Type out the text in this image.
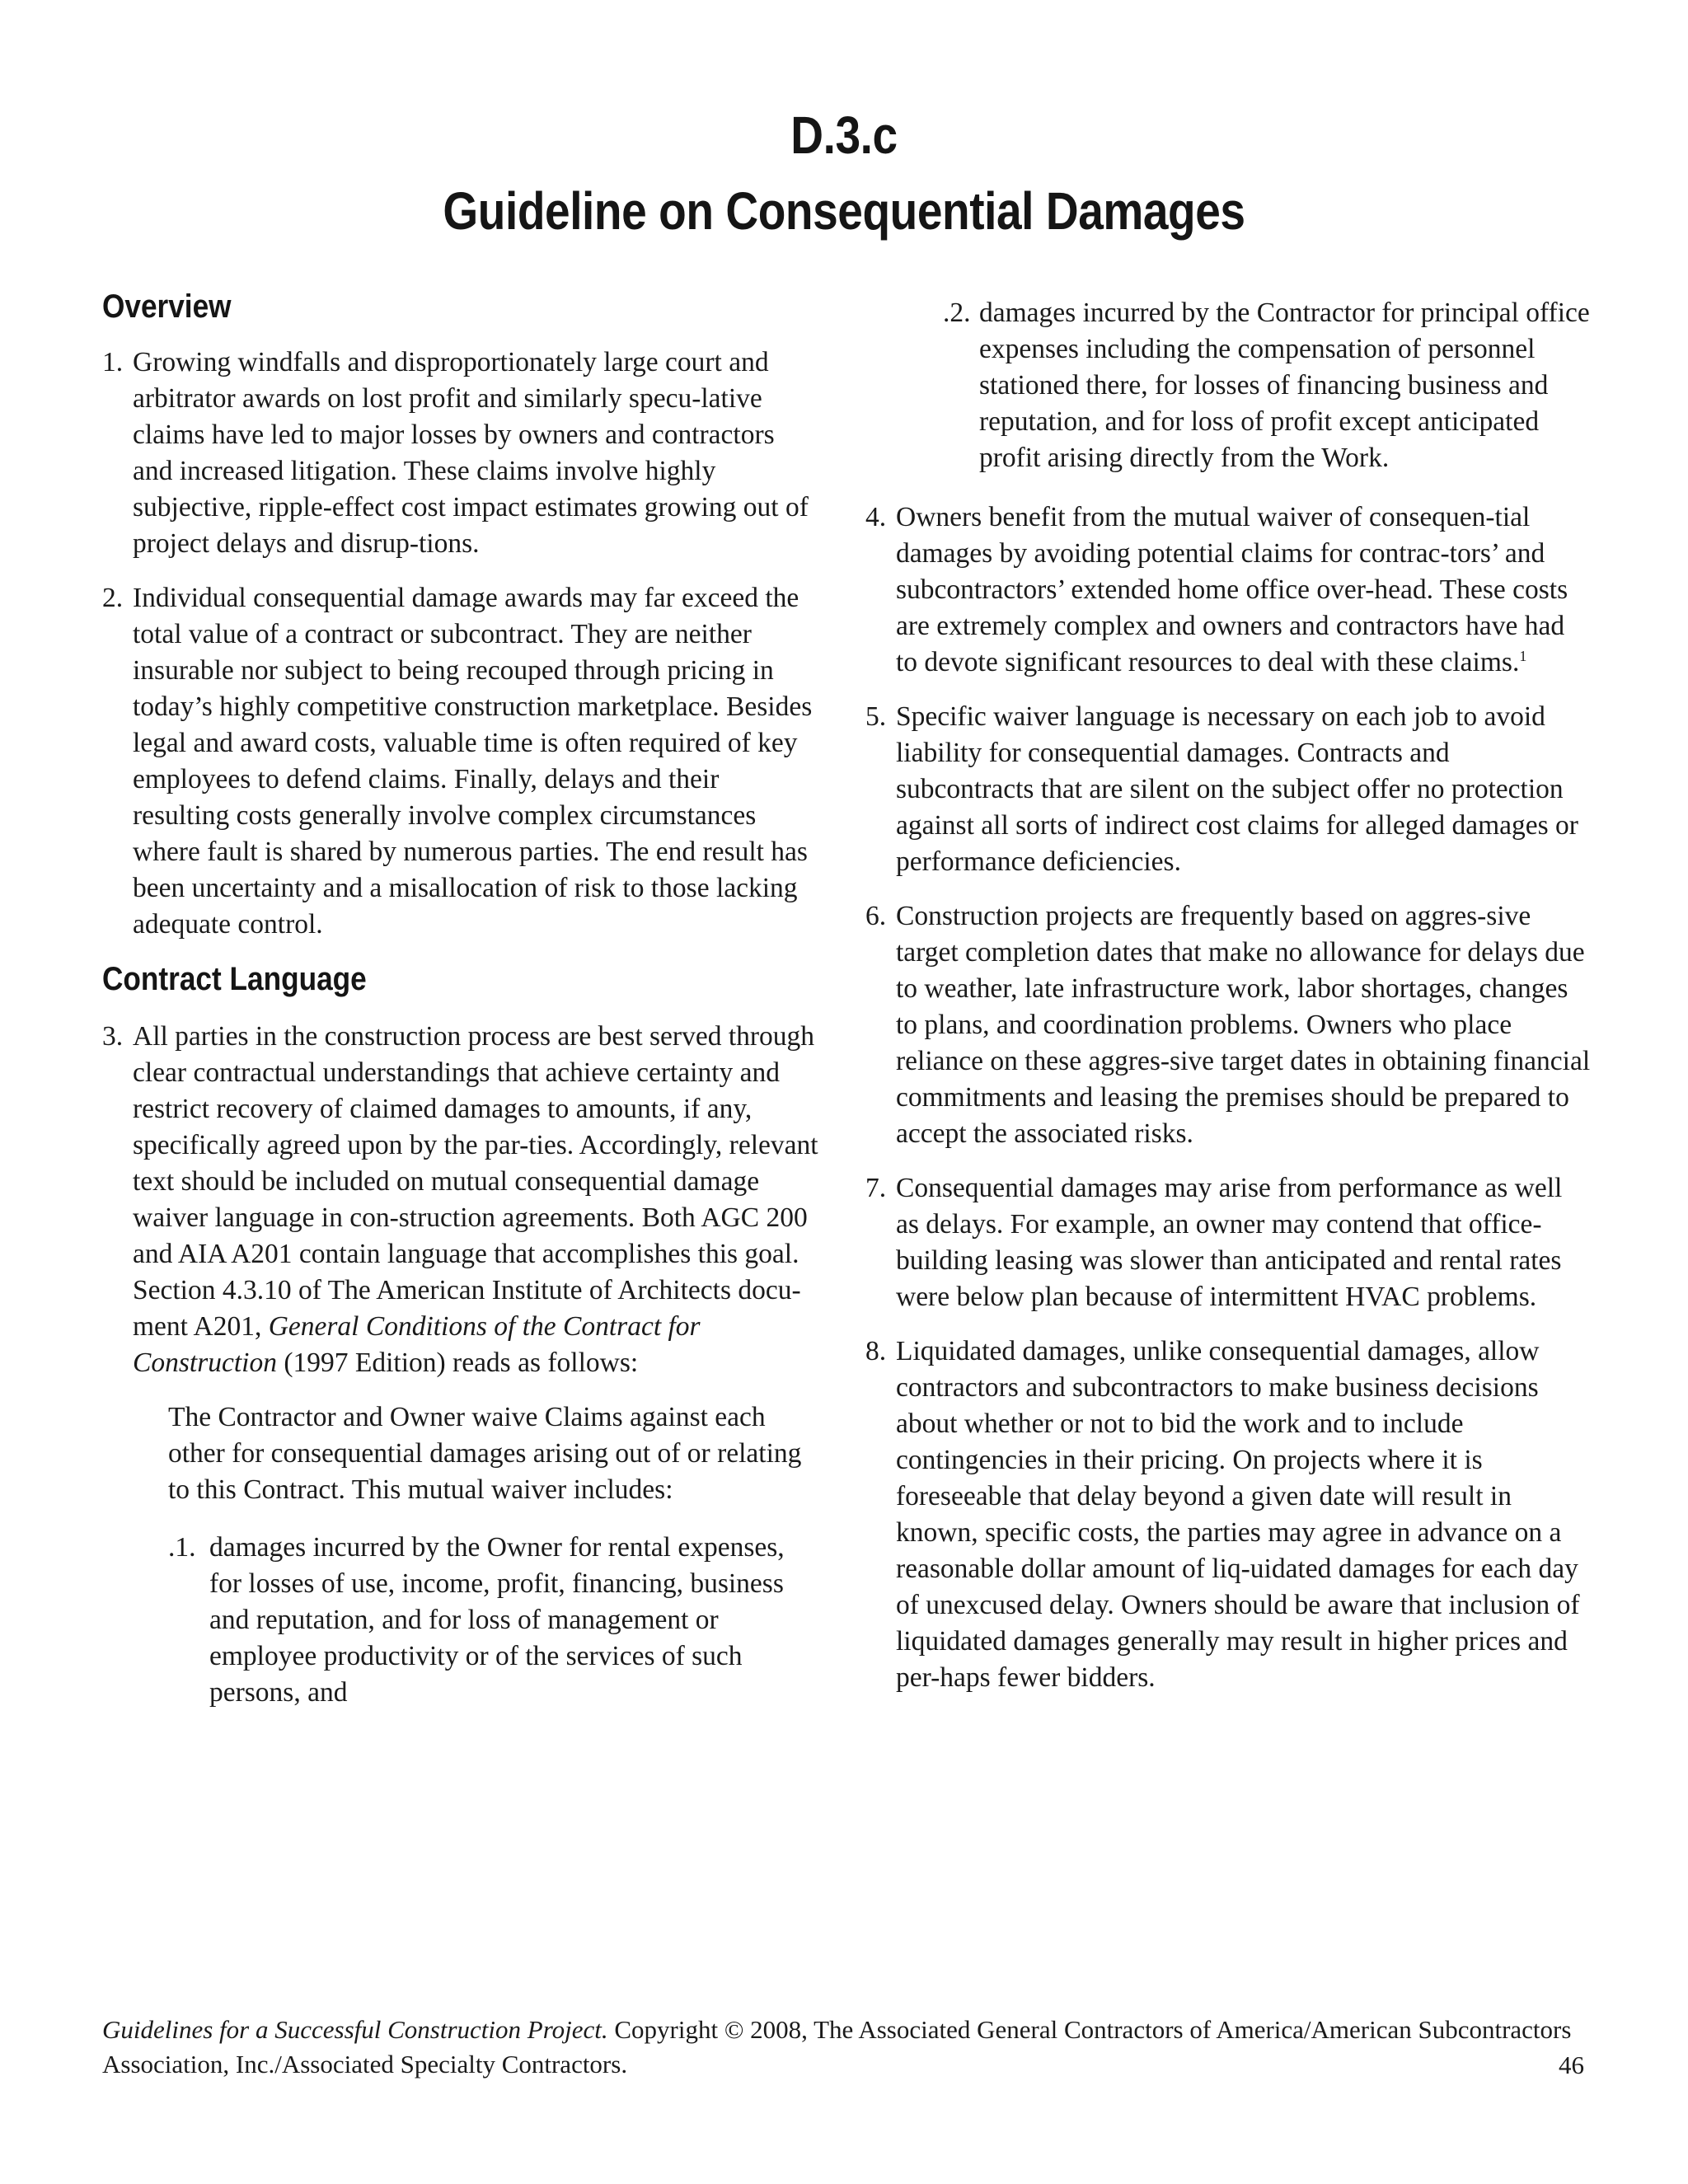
D.3.c
Guideline on Consequential Damages
Overview
1. Growing windfalls and disproportionately large court and arbitrator awards on lost profit and similarly specu-lative claims have led to major losses by owners and contractors and increased litigation. These claims involve highly subjective, ripple-effect cost impact estimates growing out of project delays and disrup-tions.
2. Individual consequential damage awards may far exceed the total value of a contract or subcontract. They are neither insurable nor subject to being recouped through pricing in today’s highly competitive construction marketplace. Besides legal and award costs, valuable time is often required of key employees to defend claims. Finally, delays and their resulting costs generally involve complex circumstances where fault is shared by numerous parties. The end result has been uncertainty and a misallocation of risk to those lacking adequate control.
Contract Language
3. All parties in the construction process are best served through clear contractual understandings that achieve certainty and restrict recovery of claimed damages to amounts, if any, specifically agreed upon by the par-ties. Accordingly, relevant text should be included on mutual consequential damage waiver language in con-struction agreements. Both AGC 200 and AIA A201 contain language that accomplishes this goal. Section 4.3.10 of The American Institute of Architects docu-ment A201, General Conditions of the Contract for Construction (1997 Edition) reads as follows:
The Contractor and Owner waive Claims against each other for consequential damages arising out of or relating to this Contract. This mutual waiver includes:
.1. damages incurred by the Owner for rental expenses, for losses of use, income, profit, financing, business and reputation, and for loss of management or employee productivity or of the services of such persons, and
.2. damages incurred by the Contractor for principal office expenses including the compensation of personnel stationed there, for losses of financing business and reputation, and for loss of profit except anticipated profit arising directly from the Work.
4. Owners benefit from the mutual waiver of consequen-tial damages by avoiding potential claims for contrac-tors’ and subcontractors’ extended home office over-head. These costs are extremely complex and owners and contractors have had to devote significant resources to deal with these claims.$^1$
5. Specific waiver language is necessary on each job to avoid liability for consequential damages. Contracts and subcontracts that are silent on the subject offer no protection against all sorts of indirect cost claims for alleged damages or performance deficiencies.
6. Construction projects are frequently based on aggres-sive target completion dates that make no allowance for delays due to weather, late infrastructure work, labor shortages, changes to plans, and coordination problems. Owners who place reliance on these aggres-sive target dates in obtaining financial commitments and leasing the premises should be prepared to accept the associated risks.
7. Consequential damages may arise from performance as well as delays. For example, an owner may contend that office-building leasing was slower than anticipated and rental rates were below plan because of intermittent HVAC problems.
8. Liquidated damages, unlike consequential damages, allow contractors and subcontractors to make business decisions about whether or not to bid the work and to include contingencies in their pricing. On projects where it is foreseeable that delay beyond a given date will result in known, specific costs, the parties may agree in advance on a reasonable dollar amount of liq-uidated damages for each day of unexcused delay. Owners should be aware that inclusion of liquidated damages generally may result in higher prices and per-haps fewer bidders.
Guidelines for a Successful Construction Project. Copyright © 2008, The Associated General Contractors of America/American Subcontractors Association, Inc./Associated Specialty Contractors.	46
